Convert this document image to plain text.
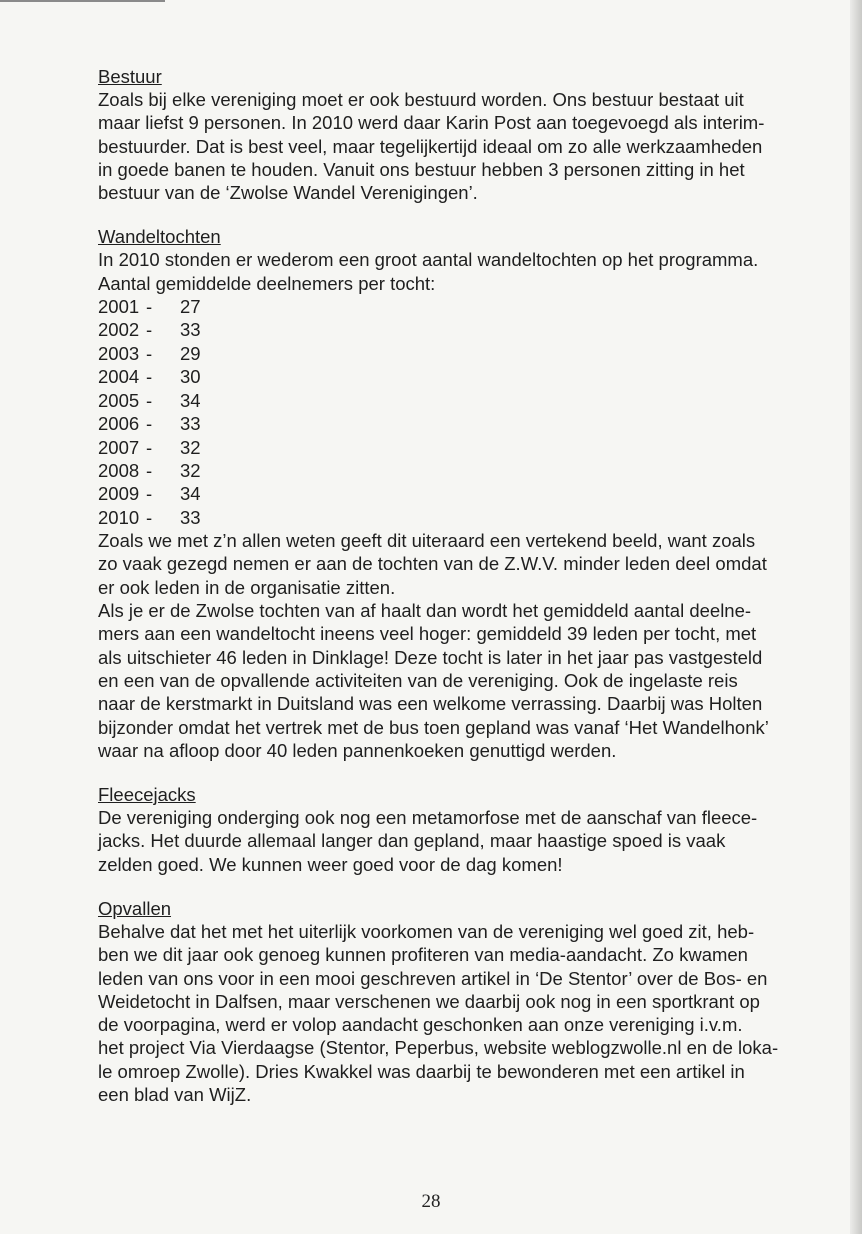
Bestuur

Zoals bij elke vereniging moet er ook bestuurd worden. Ons bestuur bestaat uit
maar liefst 9 personen. In 2010 werd daar Karin Post aan toegevoegd als interim-
bestuurder. Dat is best veel, maar tegelijkertijd ideaal om zo alle werkzaamheden
in goede banen te houden. Vanuit ons bestuur hebben 3 personen zitting in het
bestuur van de ‘Zwolse Wandel Verenigingen’.

Wandeltochten

In 2010 stonden er wederom een groot aantal wandeltochten op het programma.
Aantal gemiddelde deelnemers per tocht:

2001 -	27
2002 -	33
2003 -	29
2004 -	30
2005 -	34
2006 -	33
2007 -	32
2008 -	32
2009 -	34
2010 -	33

Zoals we met z’n allen weten geeft dit uiteraard een vertekend beeld, want zoals
zo vaak gezegd nemen er aan de tochten van de Z.W.V. minder leden deel omdat
er ook leden in de organisatie zitten.
Als je er de Zwolse tochten van af haalt dan wordt het gemiddeld aantal deelne-
mers aan een wandeltocht ineens veel hoger: gemiddeld 39 leden per tocht, met
als uitschieter 46 leden in Dinklage! Deze tocht is later in het jaar pas vastgesteld
en een van de opvallende activiteiten van de vereniging. Ook de ingelaste reis
naar de kerstmarkt in Duitsland was een welkome verrassing. Daarbij was Holten
bijzonder omdat het vertrek met de bus toen gepland was vanaf ‘Het Wandelhonk’
waar na afloop door 40 leden pannenkoeken genuttigd werden.

Fleecejacks

De vereniging onderging ook nog een metamorfose met de aanschaf van fleece-
jacks. Het duurde allemaal langer dan gepland, maar haastige spoed is vaak
zelden goed. We kunnen weer goed voor de dag komen!

Opvallen

Behalve dat het met het uiterlijk voorkomen van de vereniging wel goed zit, heb-
ben we dit jaar ook genoeg kunnen profiteren van media-aandacht. Zo kwamen
leden van ons voor in een mooi geschreven artikel in ‘De Stentor’ over de Bos- en
Weidetocht in Dalfsen, maar verschenen we daarbij ook nog in een sportkrant op
de voorpagina, werd er volop aandacht geschonken aan onze vereniging i.v.m.
het project Via Vierdaagse (Stentor, Peperbus, website weblogzwolle.nl en de loka-
le omroep Zwolle). Dries Kwakkel was daarbij te bewonderen met een artikel in
een blad van WijZ.

28
